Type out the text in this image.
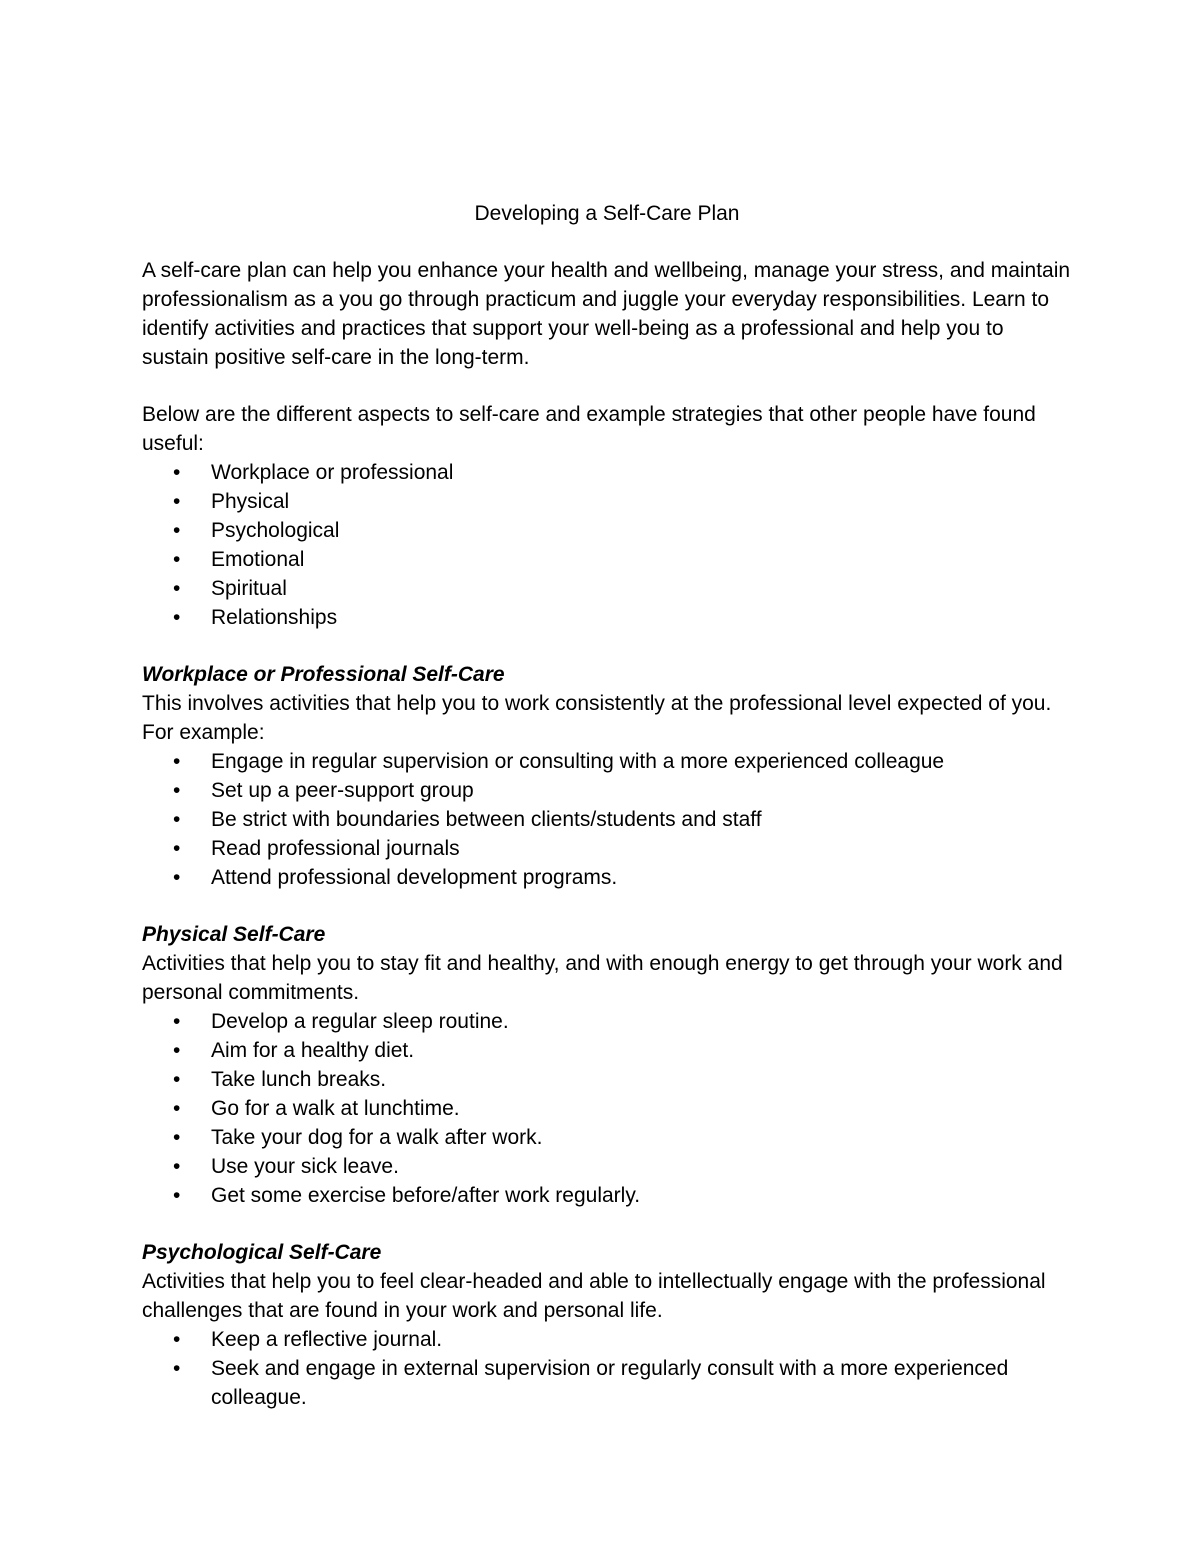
Developing a Self-Care Plan

A self-care plan can help you enhance your health and wellbeing, manage your stress, and maintain professionalism as a you go through practicum and juggle your everyday responsibilities. Learn to identify activities and practices that support your well-being as a professional and help you to sustain positive self-care in the long-term.

Below are the different aspects to self-care and example strategies that other people have found useful:

• Workplace or professional
• Physical
• Psychological
• Emotional
• Spiritual
• Relationships

Workplace or Professional Self-Care

This involves activities that help you to work consistently at the professional level expected of you. For example:

• Engage in regular supervision or consulting with a more experienced colleague
• Set up a peer-support group
• Be strict with boundaries between clients/students and staff
• Read professional journals
• Attend professional development programs.

Physical Self-Care

Activities that help you to stay fit and healthy, and with enough energy to get through your work and personal commitments.

• Develop a regular sleep routine.
• Aim for a healthy diet.
• Take lunch breaks.
• Go for a walk at lunchtime.
• Take your dog for a walk after work.
• Use your sick leave.
• Get some exercise before/after work regularly.

Psychological Self-Care

Activities that help you to feel clear-headed and able to intellectually engage with the professional challenges that are found in your work and personal life.

• Keep a reflective journal.
• Seek and engage in external supervision or regularly consult with a more experienced colleague.
